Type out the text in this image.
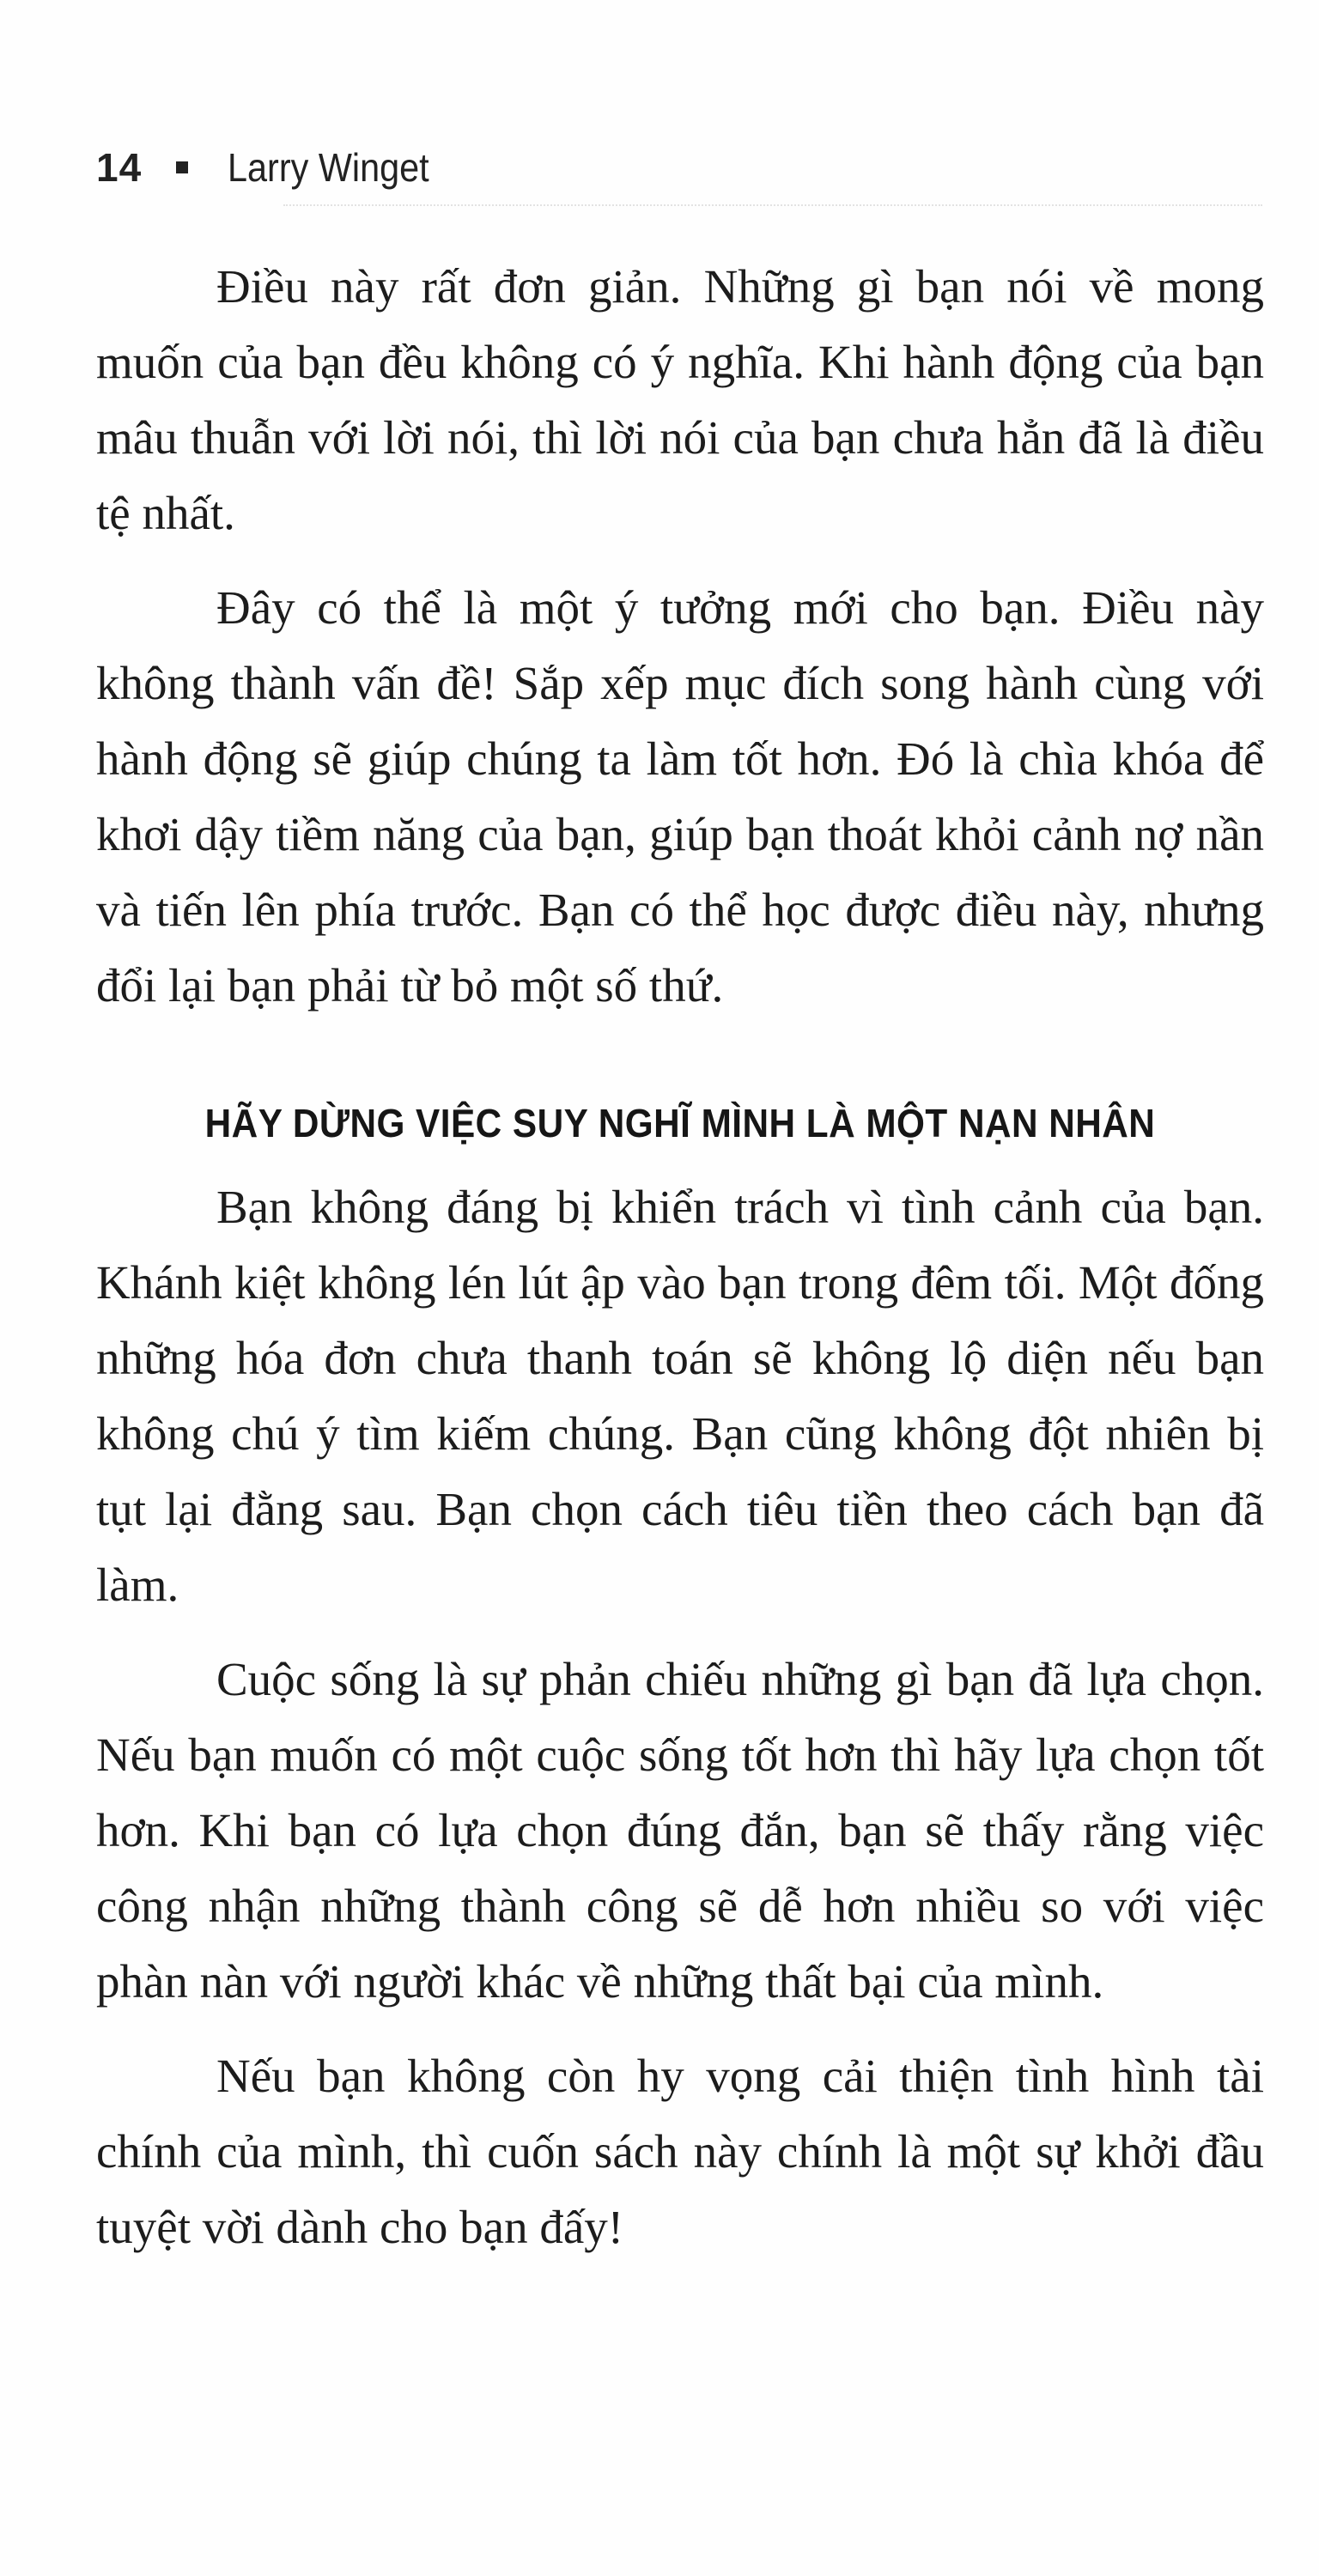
14 Larry Winget

Điều này rất đơn giản. Những gì bạn nói về mong muốn của bạn đều không có ý nghĩa. Khi hành động của bạn mâu thuẫn với lời nói, thì lời nói của bạn chưa hẳn đã là điều tệ nhất.

Đây có thể là một ý tưởng mới cho bạn. Điều này không thành vấn đề! Sắp xếp mục đích song hành cùng với hành động sẽ giúp chúng ta làm tốt hơn. Đó là chìa khóa để khơi dậy tiềm năng của bạn, giúp bạn thoát khỏi cảnh nợ nần và tiến lên phía trước. Bạn có thể học được điều này, nhưng đổi lại bạn phải từ bỏ một số thứ.

HÃY DỪNG VIỆC SUY NGHĨ MÌNH LÀ MỘT NẠN NHÂN

Bạn không đáng bị khiển trách vì tình cảnh của bạn. Khánh kiệt không lén lút ập vào bạn trong đêm tối. Một đống những hóa đơn chưa thanh toán sẽ không lộ diện nếu bạn không chú ý tìm kiếm chúng. Bạn cũng không đột nhiên bị tụt lại đằng sau. Bạn chọn cách tiêu tiền theo cách bạn đã làm.

Cuộc sống là sự phản chiếu những gì bạn đã lựa chọn. Nếu bạn muốn có một cuộc sống tốt hơn thì hãy lựa chọn tốt hơn. Khi bạn có lựa chọn đúng đắn, bạn sẽ thấy rằng việc công nhận những thành công sẽ dễ hơn nhiều so với việc phàn nàn với người khác về những thất bại của mình.

Nếu bạn không còn hy vọng cải thiện tình hình tài chính của mình, thì cuốn sách này chính là một sự khởi đầu tuyệt vời dành cho bạn đấy!
